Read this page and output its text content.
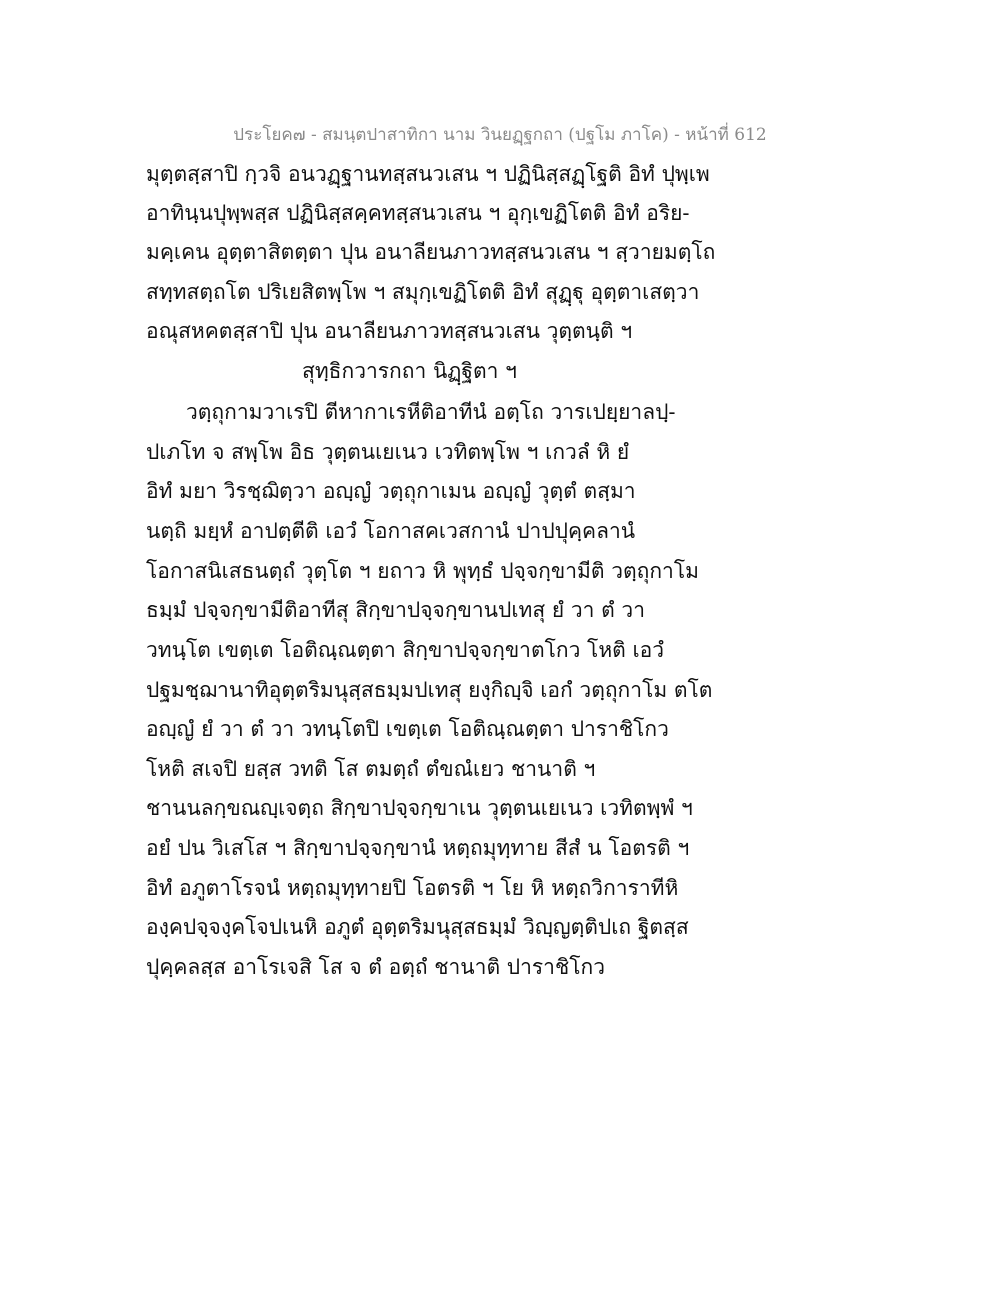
ประโยค๗ - สมนฺตปาสาทิกา นาม วินยฏฺฐกถา (ปฐโม ภาโค) - หน้าที่ 612
มุตฺตสฺสาปิ กฺวจิ อนวฏฺฐานทสฺสนวเสน ฯ ปฏินิสฺสฏฺโฐติ อิทํ ปุพฺเพ
อาทินฺนปุพฺพสฺส ปฏินิสฺสคฺคทสฺสนวเสน ฯ อุกฺเขฏิโตติ อิทํ อริย-
มคฺเคน อุตฺตาสิตตฺตา ปุน อนาลียนภาวทสฺสนวเสน ฯ สฺวายมตฺโถ
สทฺทสตฺถโต ปริเยสิตพฺโพ ฯ สมุกฺเขฏิโตติ อิทํ สุฏฺฐุ อุตฺตาเสตฺวา
อณุสหคตสฺสาปิ ปุน อนาลียนภาวทสฺสนวเสน วุตฺตนฺติ ฯ
สุทฺธิกวารกถา นิฏฺฐิตา ฯ
วตฺถุกามวาเรปิ ตีหากาเรหีติอาทีนํ อตฺโถ วารเปยฺยาลปฺ-
ปเภโท จ สพฺโพ อิธ วุตฺตนเยเนว เวทิตพฺโพ ฯ เกวลํ หิ ยํ
อิทํ มยา วิรชฺฌิตฺวา อญฺญํ วตฺถุกาเมน อญฺญํ วุตฺตํ ตสฺมา
นตฺถิ มยฺหํ อาปตฺตีติ เอวํ โอกาสคเวสกานํ ปาปปุคฺคลานํ
โอกาสนิเสธนตฺถํ วุตฺโต ฯ ยถาว หิ พุทฺธํ ปจฺจกฺขามีติ วตฺถุกาโม
ธมฺมํ ปจฺจกฺขามีติอาทีสุ สิกฺขาปจฺจกฺขานปเทสุ ยํ วา ตํ วา
วทนฺโต เขตฺเต โอติณฺณตฺตา สิกฺขาปจฺจกฺขาตโกว โหติ เอวํ
ปฐมชฺฌานาทิอุตฺตริมนุสฺสธมฺมปเทสุ ยงฺกิญฺจิ เอกํ วตฺถุกาโม ตโต
อญฺญํ ยํ วา ตํ วา วทนฺโตปิ เขตฺเต โอติณฺณตฺตา ปาราชิโกว
โหติ สเจปิ ยสฺส วทติ โส ตมตฺถํ ตํขณํเยว ชานาติ ฯ
ชานนลกฺขณญฺเจตฺถ สิกฺขาปจฺจกฺขาเน วุตฺตนเยเนว เวทิตพฺพํ ฯ
อยํ ปน วิเสโส ฯ สิกฺขาปจฺจกฺขานํ หตฺถมุทฺทาย สีสํ น โอตรติ ฯ
อิทํ อภูตาโรจนํ หตฺถมุทฺทายปิ โอตรติ ฯ โย หิ หตฺถวิการาทีหิ
องฺคปจฺจงฺคโจปเนหิ อภูตํ อุตฺตริมนุสฺสธมฺมํ วิญฺญตฺติปเถ ฐิตสฺส
ปุคฺคลสฺส อาโรเจสิ โส จ ตํ อตฺถํ ชานาติ ปาราชิโกว
